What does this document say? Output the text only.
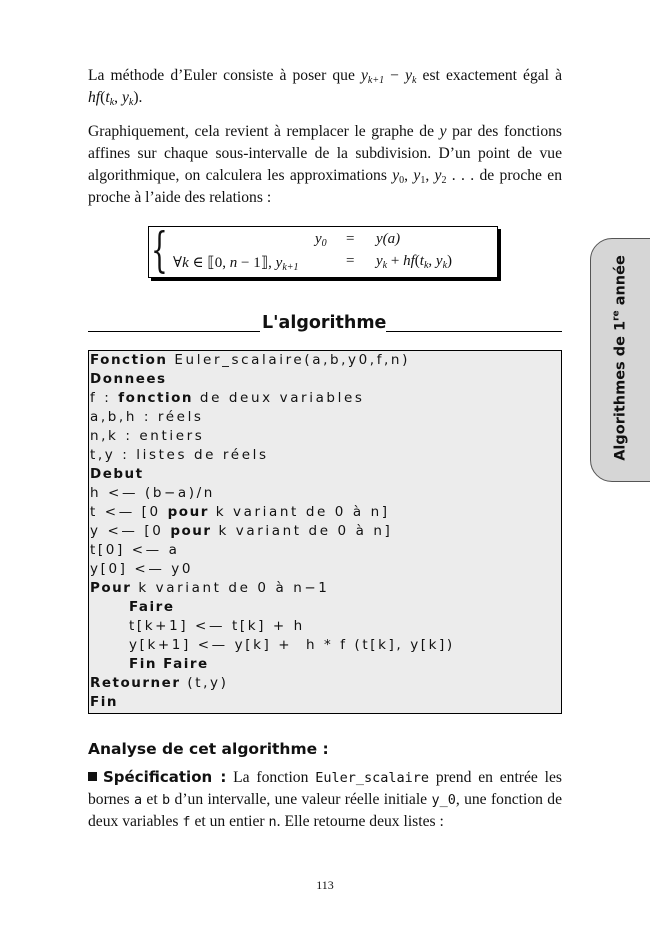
La méthode d’Euler consiste à poser que $y_{k+1} - y_k$ est exactement égal à $hf(t_k$, $y_k$).
Graphiquement, cela revient à remplacer le graphe de y par des fonctions affines sur chaque sous-intervalle de la subdivision. D’un point de vue algorithmique, on calculera les approximations $y_0$, $y_1$, $y_2$ . . . de proche en proche à l’aide des relations :
{	$y_0 = y(a)$
∀k ∈ ⟦0, n − 1⟧, $y_{k+1}$	= $y_k + hf(t_k$, $y_k$)
L'algorithme
Fonction Euler_scalaire(a,b,y0,f,n)
Donnees
f : fonction de deux variables
a,b,h : réels
n,k : entiers
t,y : listes de réels
Debut
h <— (b−a)/n
t <— [0 pour k variant de 0 à n]
y <— [0 pour k variant de 0 à n]
t[0] <— a
y[0] <— y0
Pour k variant de 0 à n−1
Faire
t[k+1] <— t[k] + h
y[k+1] <— y[k] +  h * f (t[k], y[k])
Fin Faire
Retourner (t,y)
Fin
Algorithmes de 1re année
Analyse de cet algorithme :
Spécification : La fonction Euler_scalaire prend en entrée les bornes a et b d’un intervalle, une valeur réelle initiale y_0, une fonction de deux variables f et un entier n. Elle retourne deux listes :
113
